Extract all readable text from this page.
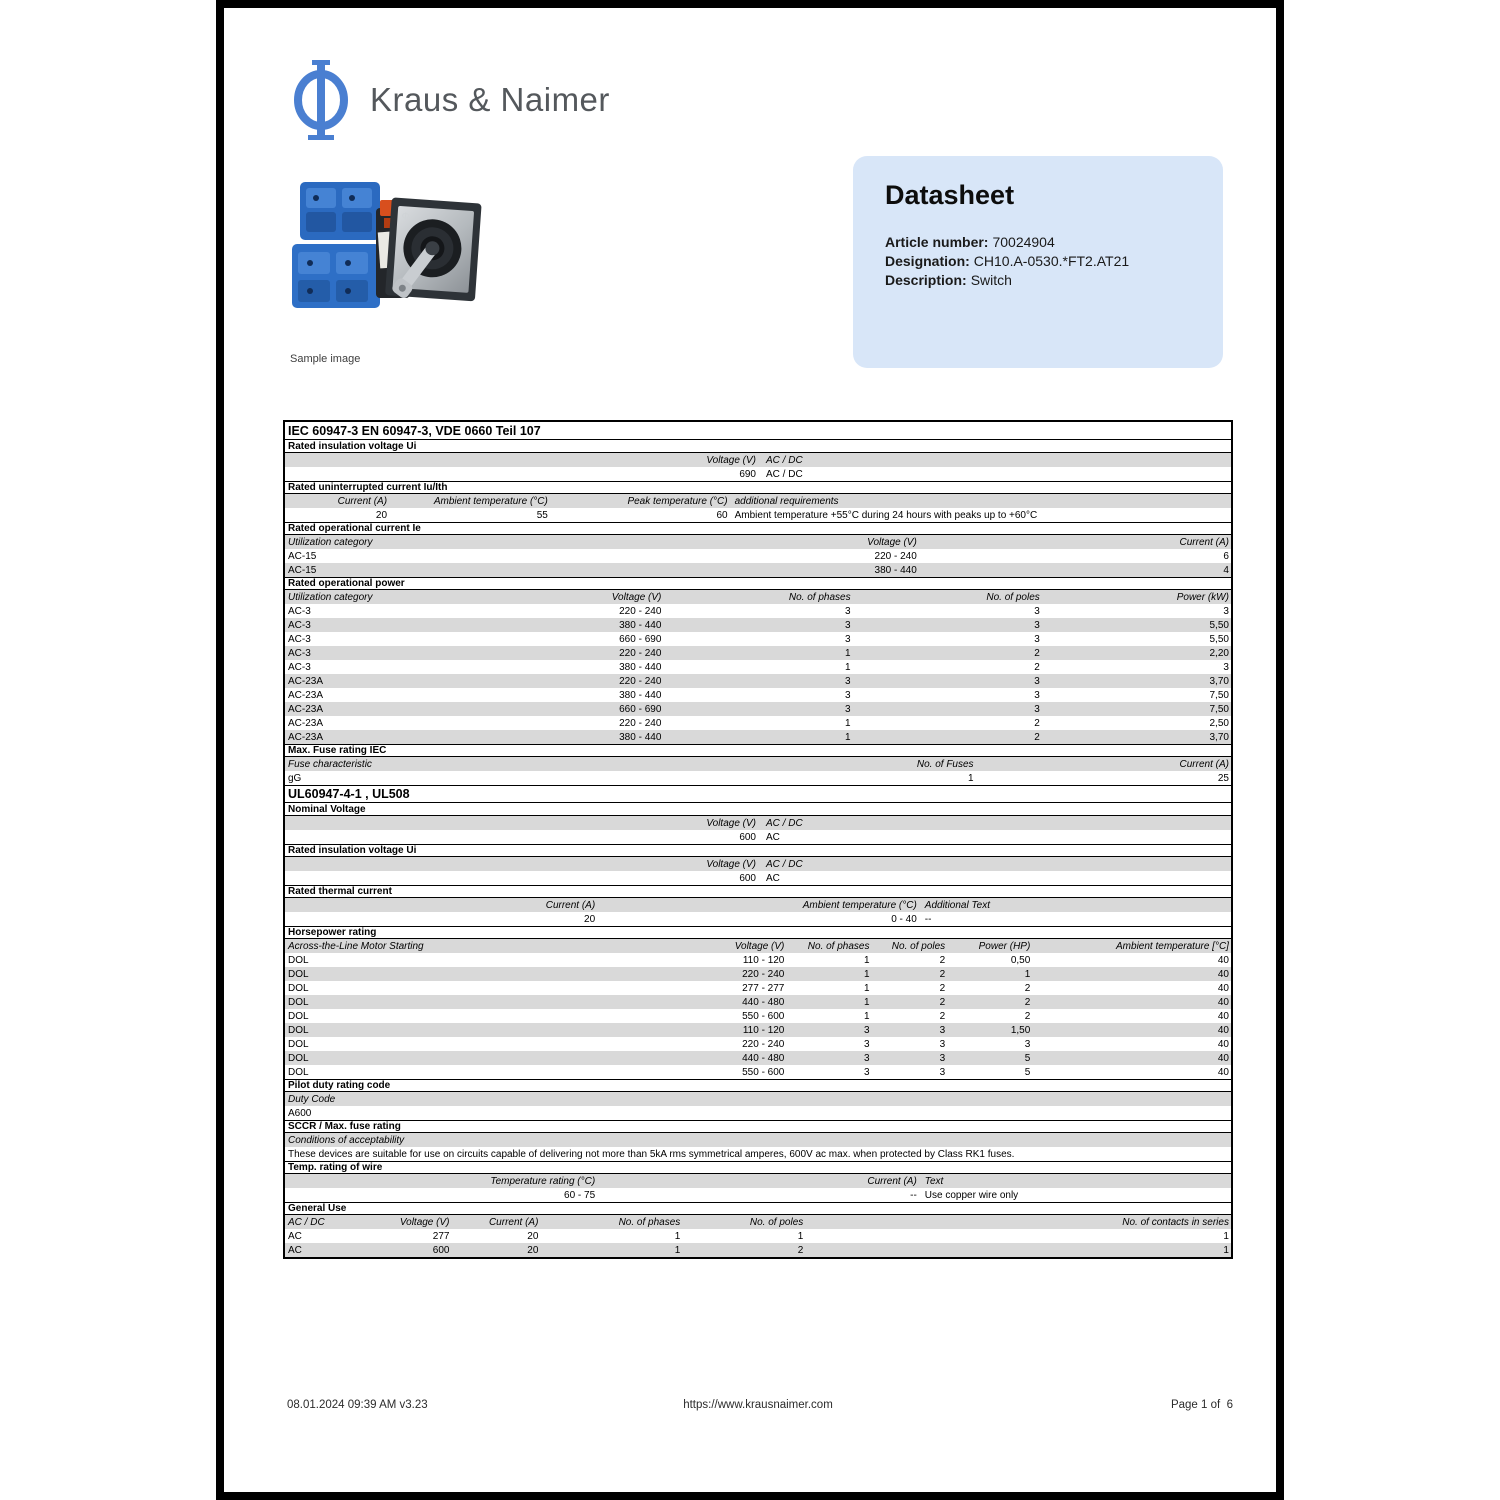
Kraus & Naimer
Φ
Sample image
Datasheet
Article number: 70024904
Designation: CH10.A-0530.*FT2.AT21
Description: Switch
IEC 60947-3 EN 60947-3, VDE 0660 Teil 107
Rated insulation voltage Ui
Voltage (V)	AC / DC
690	AC / DC
Rated uninterrupted current Iu/Ith
Current (A)	Ambient temperature (°C)	Peak temperature (°C) additional requirements
20	55	60 Ambient temperature +55°C during 24 hours with peaks up to +60°C
Rated operational current Ie
Utilization category	Voltage (V)	Current (A)
AC-15	220 - 240	6
AC-15	380 - 440	4
Rated operational power
Utilization category	Voltage (V)	No. of phases	No. of poles	Power (kW)
AC-3	220 - 240	3	3	3
AC-3	380 - 440	3	3	5,50
AC-3	660 - 690	3	3	5,50
AC-3	220 - 240	1	2	2,20
AC-3	380 - 440	1	2	3
AC-23A	220 - 240	3	3	3,70
AC-23A	380 - 440	3	3	7,50
AC-23A	660 - 690	3	3	7,50
AC-23A	220 - 240	1	2	2,50
AC-23A	380 - 440	1	2	3,70
Max. Fuse rating IEC
Fuse characteristic	No. of Fuses	Current (A)
gG	1	25
UL60947-4-1 , UL508
Nominal Voltage
Voltage (V)	AC / DC
600	AC
Rated insulation voltage Ui
Voltage (V)	AC / DC
600	AC
Rated thermal current
Current (A)	Ambient temperature (°C) Additional Text
20	0 - 40 --
Horsepower rating
Across-the-Line Motor Starting	Voltage (V)	No. of phases	No. of poles	Power (HP)	Ambient temperature [°C]
DOL	110 - 120	1	2	0,50	40
DOL	220 - 240	1	2	1	40
DOL	277 - 277	1	2	2	40
DOL	440 - 480	1	2	2	40
DOL	550 - 600	1	2	2	40
DOL	110 - 120	3	3	1,50	40
DOL	220 - 240	3	3	3	40
DOL	440 - 480	3	3	5	40
DOL	550 - 600	3	3	5	40
Pilot duty rating code
Duty Code
A600
SCCR / Max. fuse rating
Conditions of acceptability
These devices are suitable for use on circuits capable of delivering not more than 5kA rms symmetrical amperes, 600V ac max. when protected by Class RK1 fuses.
Temp. rating of wire
Temperature rating (°C)	Current (A) Text
60 - 75	-- Use copper wire only
General Use
AC / DC	Voltage (V)	Current (A)	No. of phases	No. of poles	No. of contacts in series
AC	277	20	1	1	1
AC	600	20	1	2	1
08.01.2024 09:39 AM v3.23	https://www.krausnaimer.com	Page 1 of  6
